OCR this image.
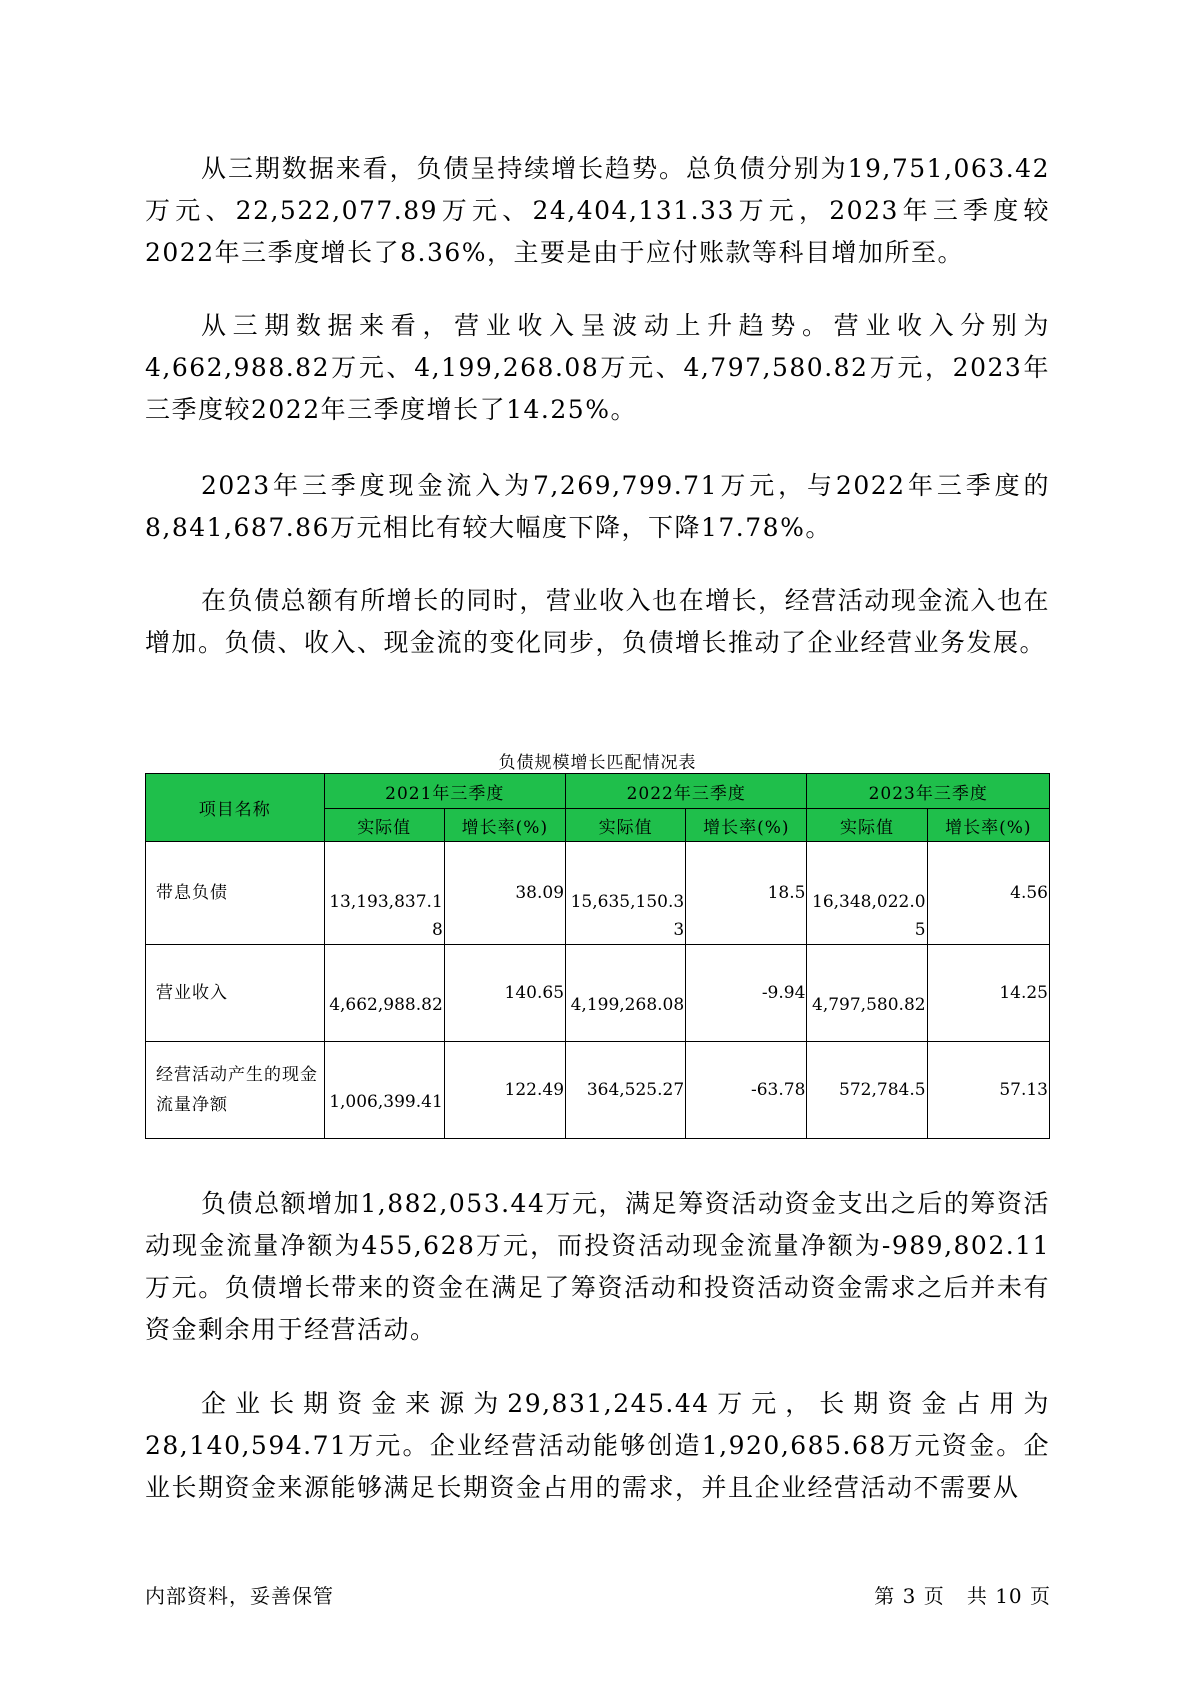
从三期数据来看，负债呈持续增长趋势。总负债分别为19,751,063.42万元、22,522,077.89万元、24,404,131.33万元，2023年三季度较2022年三季度增长了8.36%，主要是由于应付账款等科目增加所至。

从三期数据来看，营业收入呈波动上升趋势。营业收入分别为4,662,988.82万元、4,199,268.08万元、4,797,580.82万元，2023年三季度较2022年三季度增长了14.25%。

2023年三季度现金流入为7,269,799.71万元，与2022年三季度的8,841,687.86万元相比有较大幅度下降，下降17.78%。

在负债总额有所增长的同时，营业收入也在增长，经营活动现金流入也在增加。负债、收入、现金流的变化同步，负债增长推动了企业经营业务发展。

负债规模增长匹配情况表
项目名称	2021年三季度		2022年三季度		2023年三季度	
	实际值	增长率(%)	实际值	增长率(%)	实际值	增长率(%)
带息负债	13,193,837.18	38.09	15,635,150.33	18.5	16,348,022.05	4.56
营业收入	4,662,988.82	140.65	4,199,268.08	-9.94	4,797,580.82	14.25
经营活动产生的现金流量净额	1,006,399.41	122.49	364,525.27	-63.78	572,784.5	57.13

负债总额增加1,882,053.44万元，满足筹资活动资金支出之后的筹资活动现金流量净额为455,628万元，而投资活动现金流量净额为-989,802.11万元。负债增长带来的资金在满足了筹资活动和投资活动资金需求之后并未有资金剩余用于经营活动。

企业长期资金来源为29,831,245.44万元，长期资金占用为28,140,594.71万元。企业经营活动能够创造1,920,685.68万元资金。企业长期资金来源能够满足长期资金占用的需求，并且企业经营活动不需要从

内部资料，妥善保管	第 3 页 共 10 页
